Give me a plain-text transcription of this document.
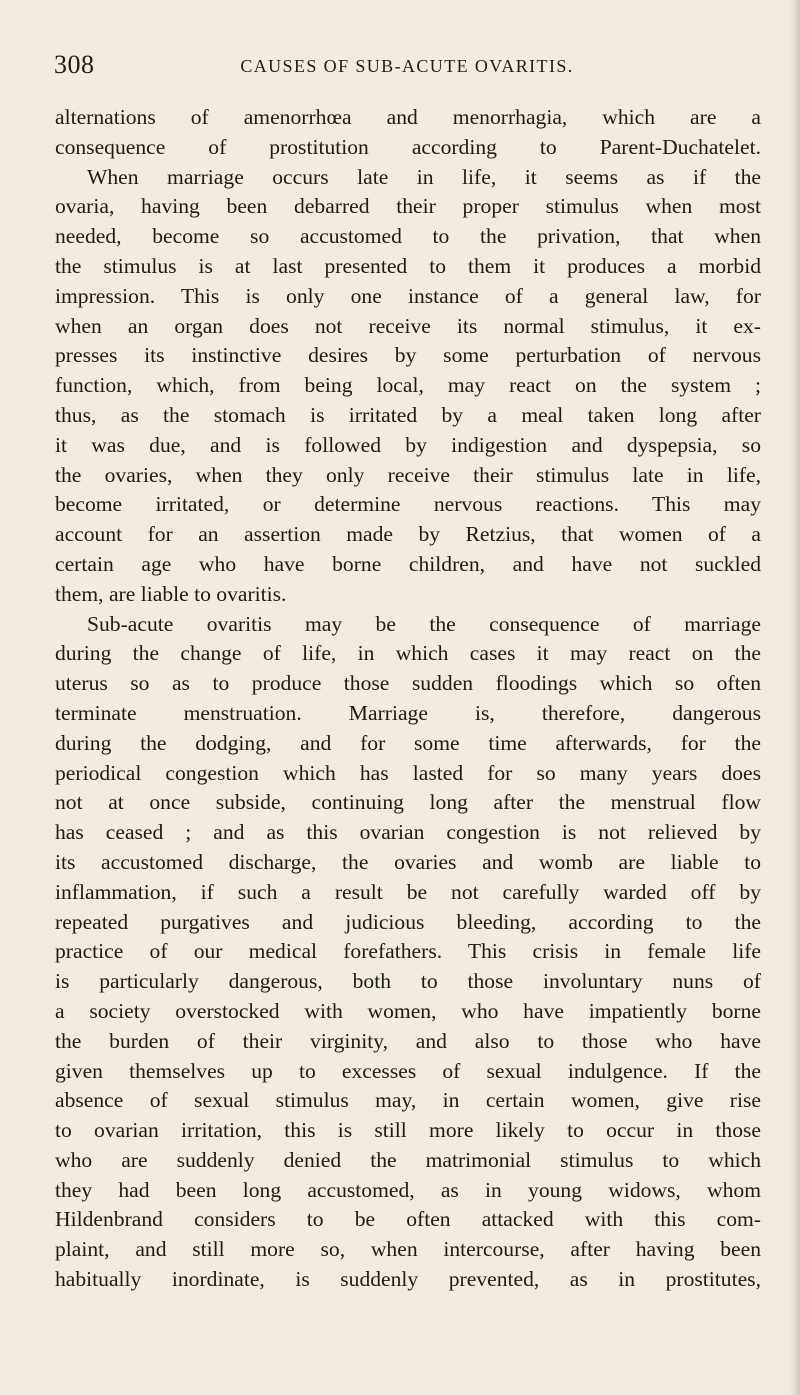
308	CAUSES OF SUB-ACUTE OVARITIS.
alternations of amenorrhœa and menorrhagia, which are a
consequence of prostitution according to Parent-Duchatelet.
When marriage occurs late in life, it seems as if the
ovaria, having been debarred their proper stimulus when most
needed, become so accustomed to the privation, that when
the stimulus is at last presented to them it produces a morbid
impression. This is only one instance of a general law, for
when an organ does not receive its normal stimulus, it ex-
presses its instinctive desires by some perturbation of nervous
function, which, from being local, may react on the system ;
thus, as the stomach is irritated by a meal taken long after
it was due, and is followed by indigestion and dyspepsia, so
the ovaries, when they only receive their stimulus late in life,
become irritated, or determine nervous reactions. This may
account for an assertion made by Retzius, that women of a
certain age who have borne children, and have not suckled
them, are liable to ovaritis.
Sub-acute ovaritis may be the consequence of marriage
during the change of life, in which cases it may react on the
uterus so as to produce those sudden floodings which so often
terminate menstruation. Marriage is, therefore, dangerous
during the dodging, and for some time afterwards, for the
periodical congestion which has lasted for so many years does
not at once subside, continuing long after the menstrual flow
has ceased ; and as this ovarian congestion is not relieved by
its accustomed discharge, the ovaries and womb are liable to
inflammation, if such a result be not carefully warded off by
repeated purgatives and judicious bleeding, according to the
practice of our medical forefathers. This crisis in female life
is particularly dangerous, both to those involuntary nuns of
a society overstocked with women, who have impatiently borne
the burden of their virginity, and also to those who have
given themselves up to excesses of sexual indulgence. If the
absence of sexual stimulus may, in certain women, give rise
to ovarian irritation, this is still more likely to occur in those
who are suddenly denied the matrimonial stimulus to which
they had been long accustomed, as in young widows, whom
Hildenbrand considers to be often attacked with this com-
plaint, and still more so, when intercourse, after having been
habitually inordinate, is suddenly prevented, as in prostitutes,
